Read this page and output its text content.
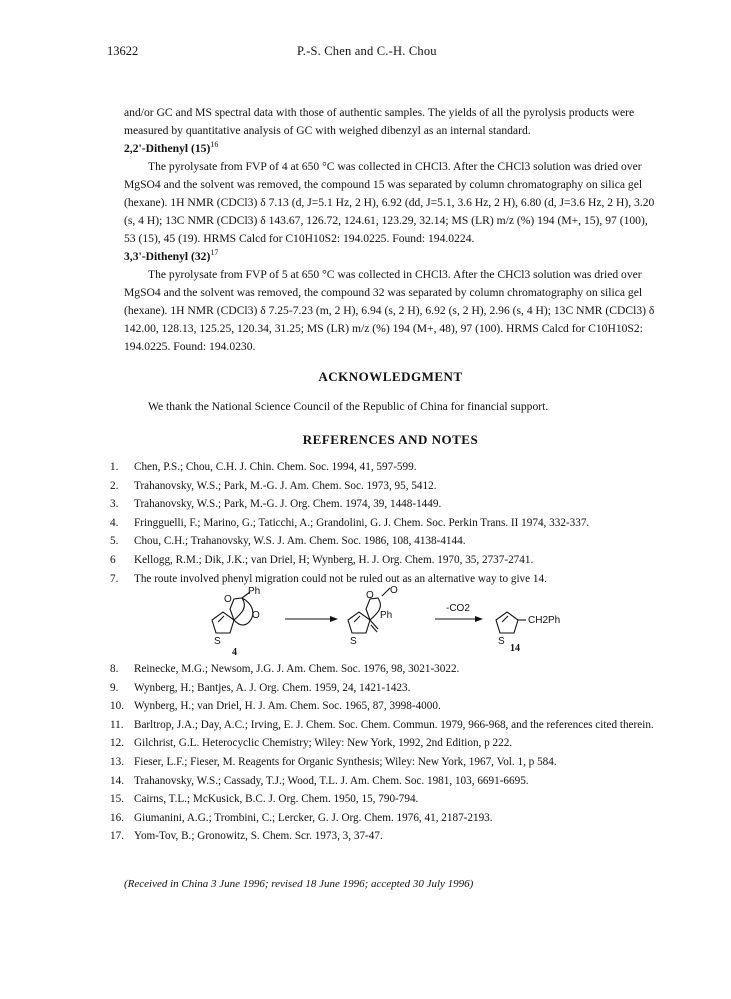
13622	P.-S. Chen and C.-H. Chou

and/or GC and MS spectral data with those of authentic samples. The yields of all the pyrolysis products were measured by quantitative analysis of GC with weighed dibenzyl as an internal standard.

2,2'-Dithenyl $(15)^{16}$

The pyrolysate from FVP of 4 at 650 °C was collected in CHCl3. After the CHCl3 solution was dried over MgSO4 and the solvent was removed, the compound 15 was separated by column chromatography on silica gel (hexane). 1H NMR (CDCl3) δ 7.13 (d, J=5.1 Hz, 2 H), 6.92 (dd, J=5.1, 3.6 Hz, 2 H), 6.80 (d, J=3.6 Hz, 2 H), 3.20 (s, 4 H); 13C NMR (CDCl3) δ 143.67, 126.72, 124.61, 123.29, 32.14; MS (LR) m/z (%) 194 (M+, 15), 97 (100), 53 (15), 45 (19). HRMS Calcd for C10H10S2: 194.0225. Found: 194.0224.

3,3'-Dithenyl $(32)^{17}$

The pyrolysate from FVP of 5 at 650 °C was collected in CHCl3. After the CHCl3 solution was dried over MgSO4 and the solvent was removed, the compound 32 was separated by column chromatography on silica gel (hexane). 1H NMR (CDCl3) δ 7.25-7.23 (m, 2 H), 6.94 (s, 2 H), 6.92 (s, 2 H), 2.96 (s, 4 H); 13C NMR (CDCl3) δ 142.00, 128.13, 125.25, 120.34, 31.25; MS (LR) m/z (%) 194 (M+, 48), 97 (100). HRMS Calcd for C10H10S2: 194.0225. Found: 194.0230.

ACKNOWLEDGMENT

We thank the National Science Council of the Republic of China for financial support.

REFERENCES AND NOTES
1.	Chen, P.S.; Chou, C.H. J. Chin. Chem. Soc. 1994, 41, 597-599.
2.	Trahanovsky, W.S.; Park, M.-G. J. Am. Chem. Soc. 1973, 95, 5412.
3.	Trahanovsky, W.S.; Park, M.-G. J. Org. Chem. 1974, 39, 1448-1449.
4.	Fringguelli, F.; Marino, G.; Taticchi, A.; Grandolini, G. J. Chem. Soc. Perkin Trans. II 1974, 332-337.
5.	Chou, C.H.; Trahanovsky, W.S. J. Am. Chem. Soc. 1986, 108, 4138-4144.
6	Kellogg, R.M.; Dik, J.K.; van Driel, H; Wynberg, H. J. Org. Chem. 1970, 35, 2737-2741.
7.	The route involved phenyl migration could not be ruled out as an alternative way to give 14.
Ph
O
O
S
4
O O
Ph
S
-CO2
S
CH2Ph
14
8.	Reinecke, M.G.; Newsom, J.G. J. Am. Chem. Soc. 1976, 98, 3021-3022.
9.	Wynberg, H.; Bantjes, A. J. Org. Chem. 1959, 24, 1421-1423.
10. Wynberg, H.; van Driel, H. J. Am. Chem. Soc. 1965, 87, 3998-4000.
11. Barltrop, J.A.; Day, A.C.; Irving, E. J. Chem. Soc. Chem. Commun. 1979, 966-968, and the references cited therein.
12. Gilchrist, G.L. Heterocyclic Chemistry; Wiley: New York, 1992, 2nd Edition, p 222.
13. Fieser, L.F.; Fieser, M. Reagents for Organic Synthesis; Wiley: New York, 1967, Vol. 1, p 584.
14. Trahanovsky, W.S.; Cassady, T.J.; Wood, T.L. J. Am. Chem. Soc. 1981, 103, 6691-6695.
15. Cairns, T.L.; McKusick, B.C. J. Org. Chem. 1950, 15, 790-794.
16. Giumanini, A.G.; Trombini, C.; Lercker, G. J. Org. Chem. 1976, 41, 2187-2193.
17. Yom-Tov, B.; Gronowitz, S. Chem. Scr. 1973, 3, 37-47.
(Received in China 3 June 1996; revised 18 June 1996; accepted 30 July 1996)
